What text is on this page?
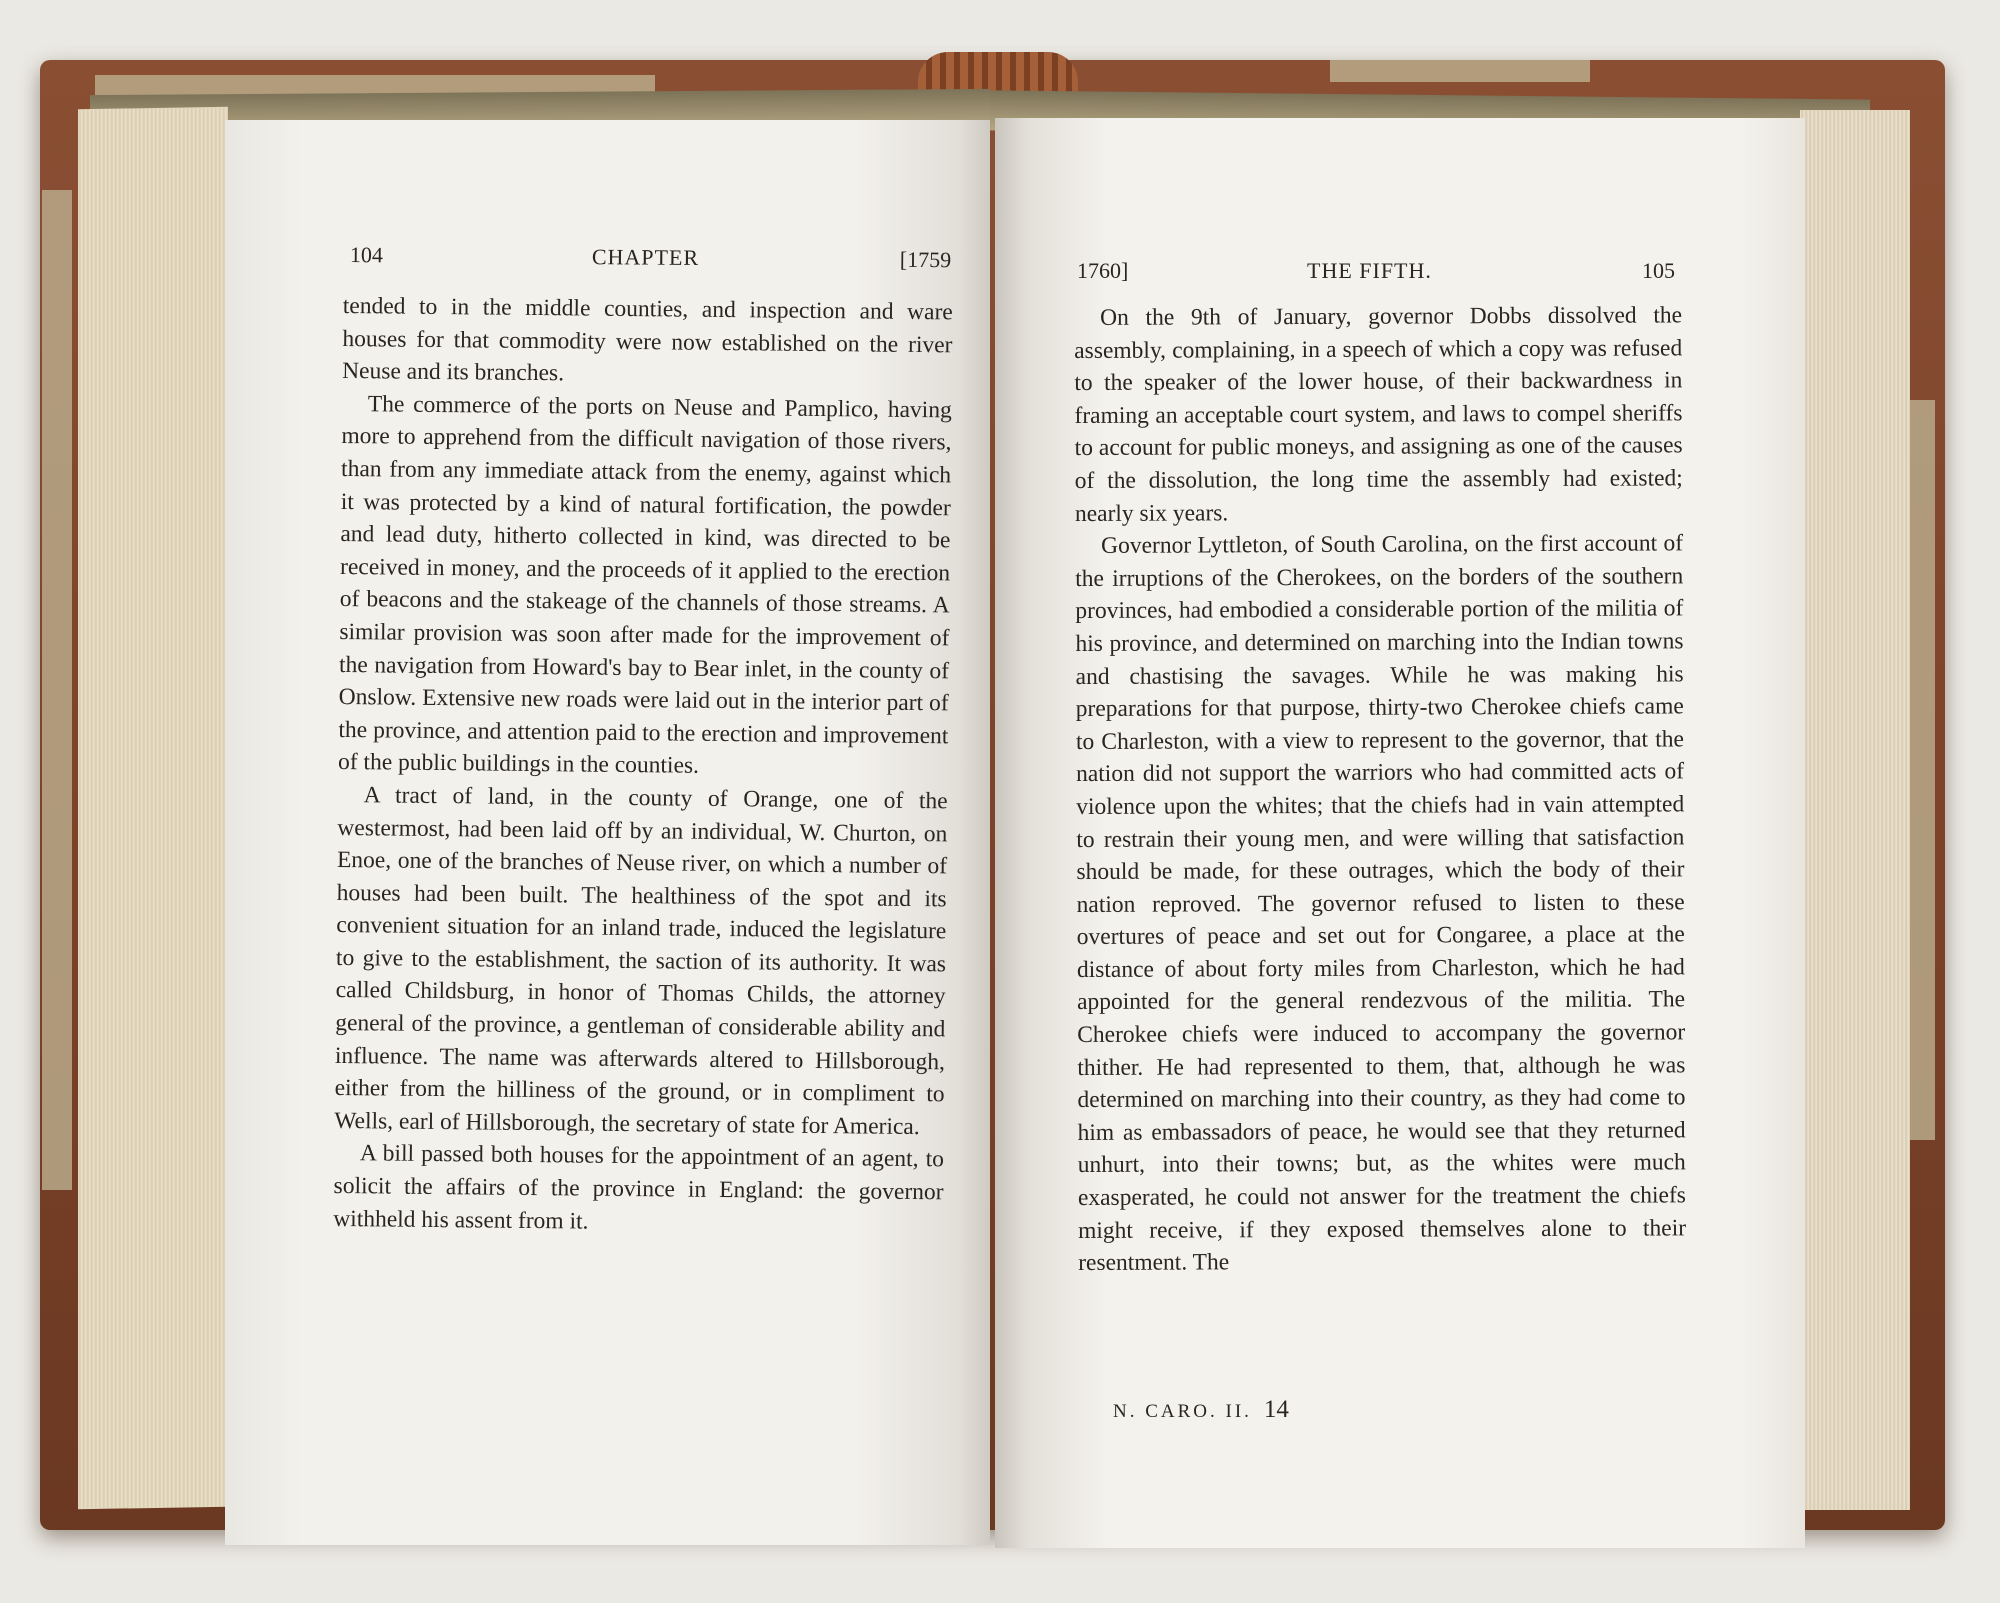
104	CHAPTER	[1759

tended to in the middle counties, and inspection and ware houses for that commodity were now established on the river Neuse and its branches.

The commerce of the ports on Neuse and Pamplico, having more to apprehend from the difficult navigation of those rivers, than from any immediate attack from the enemy, against which it was protected by a kind of natural fortification, the powder and lead duty, hitherto collected in kind, was directed to be received in money, and the proceeds of it applied to the erection of beacons and the stakeage of the channels of those streams. A similar provision was soon after made for the improvement of the navigation from Howard's bay to Bear inlet, in the county of Onslow. Extensive new roads were laid out in the interior part of the province, and attention paid to the erection and improvement of the public buildings in the counties.

A tract of land, in the county of Orange, one of the westermost, had been laid off by an individual, W. Churton, on Enoe, one of the branches of Neuse river, on which a number of houses had been built. The healthiness of the spot and its convenient situation for an inland trade, induced the legislature to give to the establishment, the saction of its authority. It was called Childsburg, in honor of Thomas Childs, the attorney general of the province, a gentleman of considerable ability and influence. The name was afterwards altered to Hillsborough, either from the hilliness of the ground, or in compliment to Wells, earl of Hillsborough, the secretary of state for America.

A bill passed both houses for the appointment of an agent, to solicit the affairs of the province in England: the governor withheld his assent from it.

1760]	THE FIFTH.	105

On the 9th of January, governor Dobbs dissolved the assembly, complaining, in a speech of which a copy was refused to the speaker of the lower house, of their backwardness in framing an acceptable court system, and laws to compel sheriffs to account for public moneys, and assigning as one of the causes of the dissolution, the long time the assembly had existed; nearly six years.

Governor Lyttleton, of South Carolina, on the first account of the irruptions of the Cherokees, on the borders of the southern provinces, had embodied a considerable portion of the militia of his province, and determined on marching into the Indian towns and chastising the savages. While he was making his preparations for that purpose, thirty-two Cherokee chiefs came to Charleston, with a view to represent to the governor, that the nation did not support the warriors who had committed acts of violence upon the whites; that the chiefs had in vain attempted to restrain their young men, and were willing that satisfaction should be made, for these outrages, which the body of their nation reproved. The governor refused to listen to these overtures of peace and set out for Congaree, a place at the distance of about forty miles from Charleston, which he had appointed for the general rendezvous of the militia. The Cherokee chiefs were induced to accompany the governor thither. He had represented to them, that, although he was determined on marching into their country, as they had come to him as embassadors of peace, he would see that they returned unhurt, into their towns; but, as the whites were much exasperated, he could not answer for the treatment the chiefs might receive, if they exposed themselves alone to their resentment. The

N. CARO. II. 14
